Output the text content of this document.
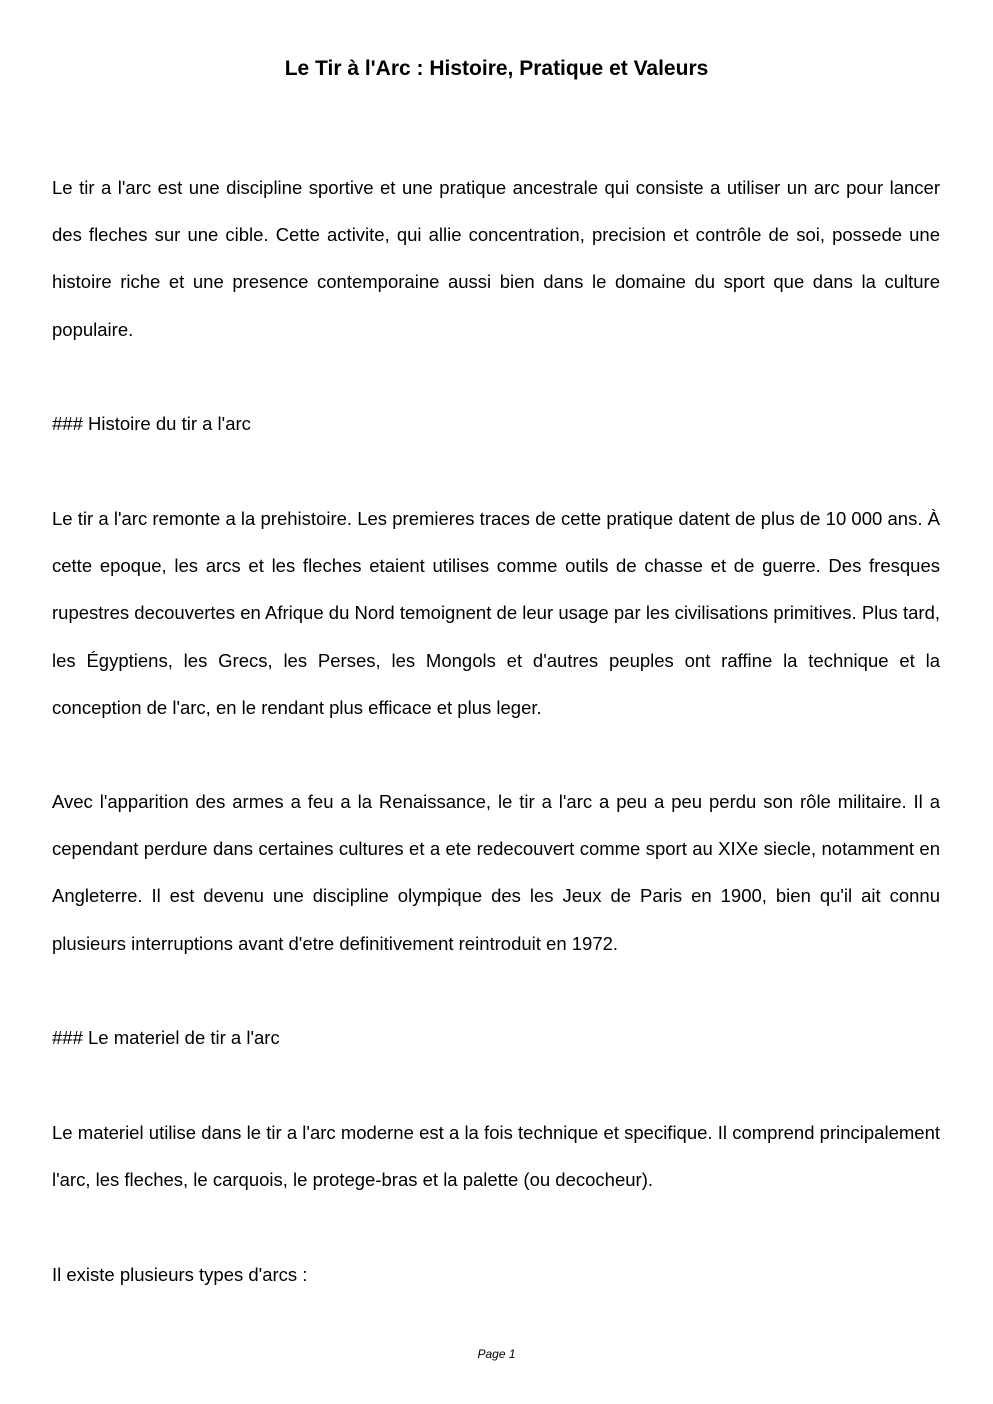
Le Tir à l'Arc : Histoire, Pratique et Valeurs

Le tir a l'arc est une discipline sportive et une pratique ancestrale qui consiste a utiliser un arc pour lancer des fleches sur une cible. Cette activite, qui allie concentration, precision et contrôle de soi, possede une histoire riche et une presence contemporaine aussi bien dans le domaine du sport que dans la culture populaire.

### Histoire du tir a l'arc

Le tir a l'arc remonte a la prehistoire. Les premieres traces de cette pratique datent de plus de 10 000 ans. À cette epoque, les arcs et les fleches etaient utilises comme outils de chasse et de guerre. Des fresques rupestres decouvertes en Afrique du Nord temoignent de leur usage par les civilisations primitives. Plus tard, les Égyptiens, les Grecs, les Perses, les Mongols et d'autres peuples ont raffine la technique et la conception de l'arc, en le rendant plus efficace et plus leger.

Avec l'apparition des armes a feu a la Renaissance, le tir a l'arc a peu a peu perdu son rôle militaire. Il a cependant perdure dans certaines cultures et a ete redecouvert comme sport au XIXe siecle, notamment en Angleterre. Il est devenu une discipline olympique des les Jeux de Paris en 1900, bien qu'il ait connu plusieurs interruptions avant d'etre definitivement reintroduit en 1972.

### Le materiel de tir a l'arc

Le materiel utilise dans le tir a l'arc moderne est a la fois technique et specifique. Il comprend principalement l'arc, les fleches, le carquois, le protege-bras et la palette (ou decocheur).

Il existe plusieurs types d'arcs :

Page 1
